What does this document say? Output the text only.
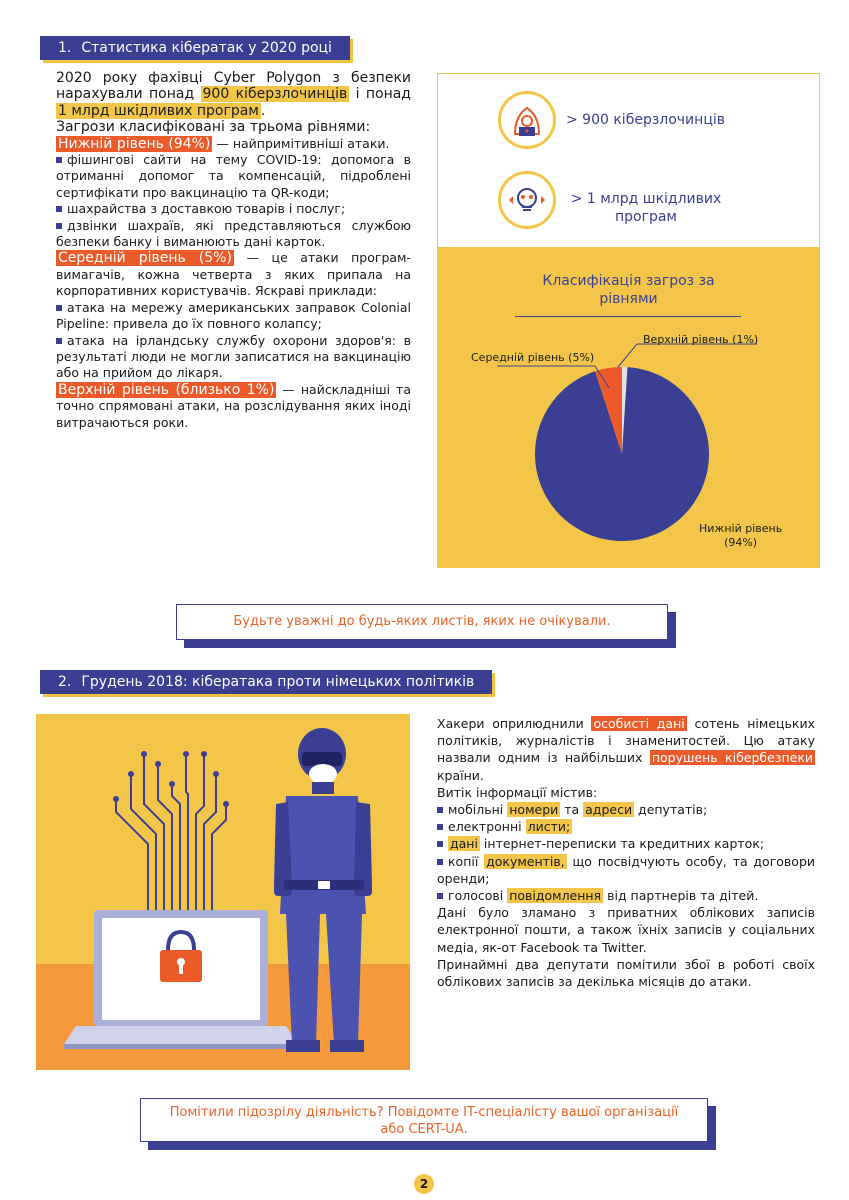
1. Статистика кібератак у 2020 році

2020 року фахівці Cyber Polygon з безпеки нарахували понад 900 кіберзлочинців і понад 1 млрд шкідливих програм .

Загрози класифіковані за трьома рівнями:

Нижній рівень (94%) — найпримітивніші атаки.

фішингові сайти на тему COVID-19: допомога в отриманні допомог та компенсацій, підроблені сертифікати про вакцинацію та QR-коди;

шахрайства з доставкою товарів і послуг;

дзвінки шахраїв, які представляються службою безпеки банку і виманюють дані карток.

Середній рівень (5%) — це атаки програм-вимагачів, кожна четверта з яких припала на корпоративних користувачів. Яскраві приклади:

атака на мережу американських заправок Colonial Pipeline: привела до їх повного колапсу;

атака на ірландську службу охорони здоров'я: в результаті люди не могли записатися на вакцинацію або на прийом до лікаря.

Верхній рівень (близько 1%) — найскладніші та точно спрямовані атаки, на розслідування яких іноді витрачаються роки.

> 900 кіберзлочинців
> 1 млрд шкідливих
програм
Класифікація загроз за рівнями
Верхній рівень (1%)
Середній рівень (5%)
Нижній рівень
(94%)
Будьте уважні до будь-яких листів, яких не очікували.
2. Грудень 2018: кібератака проти німецьких політиків

Хакери оприлюднили особисті дані сотень німецьких політиків, журналістів і знаменитостей. Цю атаку назвали одним із найбільших порушень кібербезпеки країни.

Витік інформації містив:

мобільні номери та адреси депутатів;

електронні листи;

дані інтернет-переписки та кредитних карток;

копії документів, що посвідчують особу, та договори оренди;

голосові повідомлення від партнерів та дітей.

Дані було зламано з приватних облікових записів електронної пошти, а також їхніх записів у соціальних медіа, як-от Facebook та Twitter.

Принаймні два депутати помітили збої в роботі своїх облікових записів за декілька місяців до атаки.

Помітили підозрілу діяльність? Повідомте IT-спеціалісту вашої організації або CERT-UA.
2
